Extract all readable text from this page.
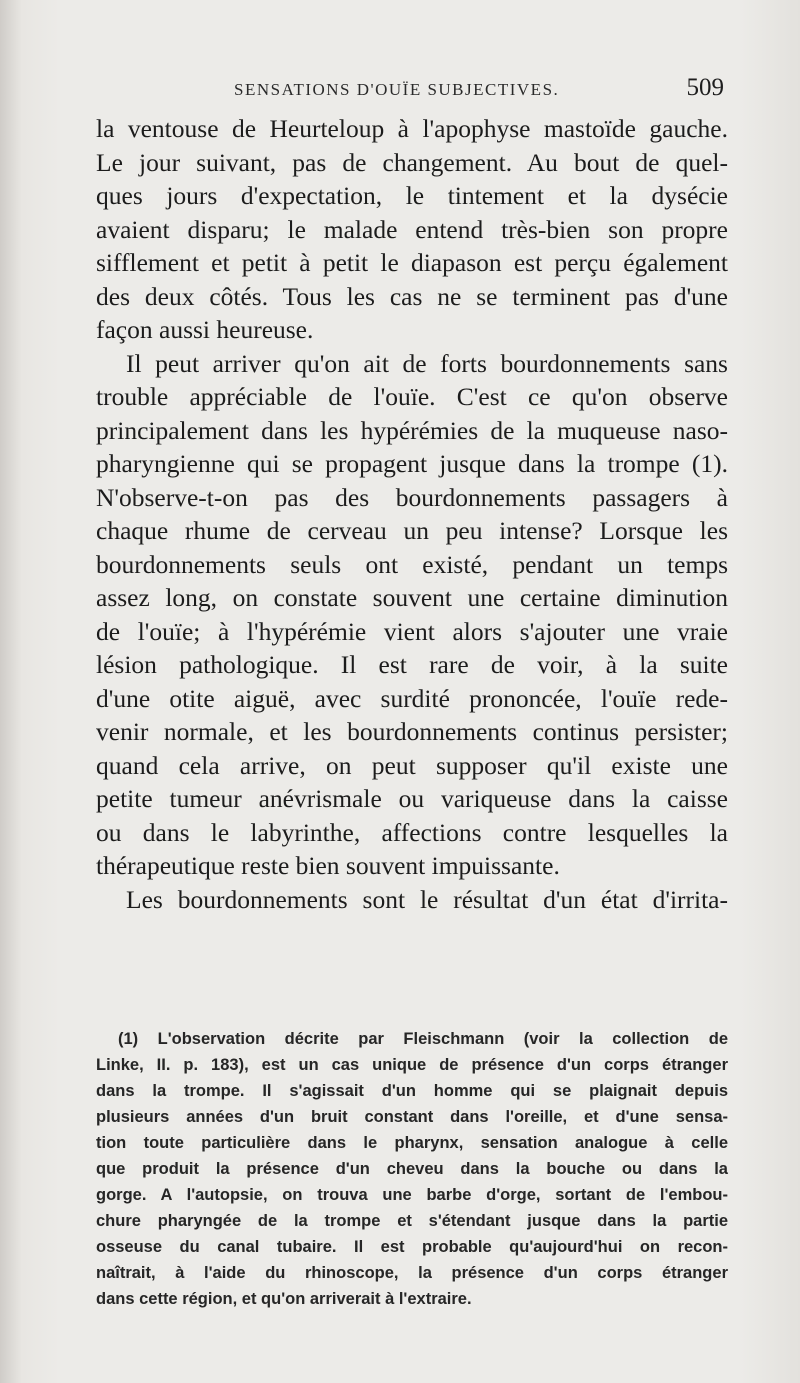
SENSATIONS D'OUÏE SUBJECTIVES.	509
la ventouse de Heurteloup à l'apophyse mastoïde gauche.
Le jour suivant, pas de changement. Au bout de quel-
ques jours d'expectation, le tintement et la dysécie
avaient disparu; le malade entend très-bien son propre
sifflement et petit à petit le diapason est perçu également
des deux côtés. Tous les cas ne se terminent pas d'une
façon aussi heureuse.
Il peut arriver qu'on ait de forts bourdonnements sans
trouble appréciable de l'ouïe. C'est ce qu'on observe
principalement dans les hypérémies de la muqueuse naso-
pharyngienne qui se propagent jusque dans la trompe (1).
N'observe-t-on pas des bourdonnements passagers à
chaque rhume de cerveau un peu intense? Lorsque les
bourdonnements seuls ont existé, pendant un temps
assez long, on constate souvent une certaine diminution
de l'ouïe; à l'hypérémie vient alors s'ajouter une vraie
lésion pathologique. Il est rare de voir, à la suite
d'une otite aiguë, avec surdité prononcée, l'ouïe rede-
venir normale, et les bourdonnements continus persister;
quand cela arrive, on peut supposer qu'il existe une
petite tumeur anévrismale ou variqueuse dans la caisse
ou dans le labyrinthe, affections contre lesquelles la
thérapeutique reste bien souvent impuissante.
Les bourdonnements sont le résultat d'un état d'irrita-
(1) L'observation décrite par Fleischmann (voir la collection de
Linke, II. p. 183), est un cas unique de présence d'un corps étranger
dans la trompe. Il s'agissait d'un homme qui se plaignait depuis
plusieurs années d'un bruit constant dans l'oreille, et d'une sensa-
tion toute particulière dans le pharynx, sensation analogue à celle
que produit la présence d'un cheveu dans la bouche ou dans la
gorge. A l'autopsie, on trouva une barbe d'orge, sortant de l'embou-
chure pharyngée de la trompe et s'étendant jusque dans la partie
osseuse du canal tubaire. Il est probable qu'aujourd'hui on recon-
naîtrait, à l'aide du rhinoscope, la présence d'un corps étranger
dans cette région, et qu'on arriverait à l'extraire.
